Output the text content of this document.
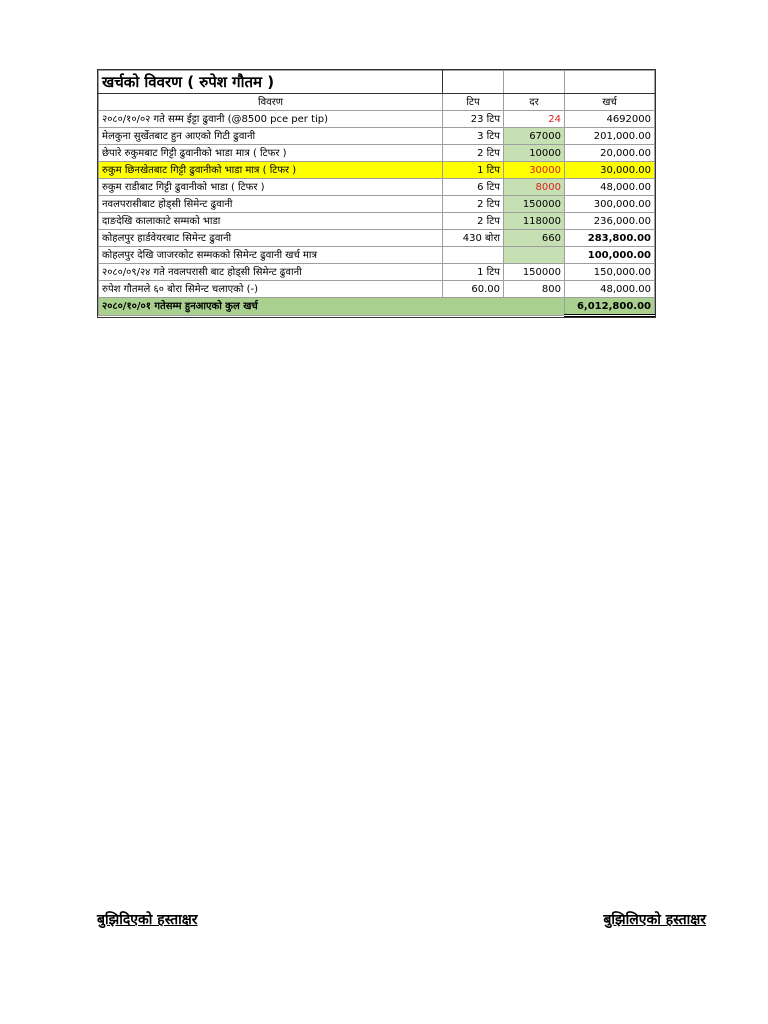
खर्चको विवरण ( रुपेश गौतम )			
विवरण	टिप	दर	खर्च
२०८०/१०/०२ गते सम्म ईट्टा ढुवानी (@8500 pce per tip)	23 टिप	24	4692000
मेलकुना सुर्खेतबाट हुन आएको गिटी ढुवानी	3 टिप	67000	201,000.00
छेपारे रुकुमबाट गिट्टी ढुवानीको भाडा मात्र ( टिफर )	2 टिप	10000	20,000.00
रुकुम छिनखेतबाट गिट्टी ढुवानीको भाडा मात्र ( टिफर )	1 टिप	30000	30,000.00
रुकुम राडीबाट गिट्टी ढुवानीको भाडा ( टिफर )	6 टिप	8000	48,000.00
नवलपरासीबाट होड्सी सिमेन्ट ढुवानी	2 टिप	150000	300,000.00
दाङदेखि कालाकाटे सम्मको भाडा	2 टिप	118000	236,000.00
कोहलपुर हार्डवेयरबाट सिमेन्ट ढुवानी	430 बोरा	660	283,800.00
कोहलपुर देखि जाजरकोट सम्मकको सिमेन्ट ढुवानी खर्च मात्र			100,000.00
२०८०/०९/२४ गते नवलपरासी बाट होड्सी सिमेन्ट ढुवानी	1 टिप	150000	150,000.00
रुपेश गौतमले ६० बोरा सिमेन्ट चलाएको (-)	60.00	800	48,000.00
२०८०/१०/०१ गतेसम्म हुनआएको कुल खर्च			6,012,800.00
बुझिदिएको हस्ताक्षर	बुझिलिएको हस्ताक्षर
